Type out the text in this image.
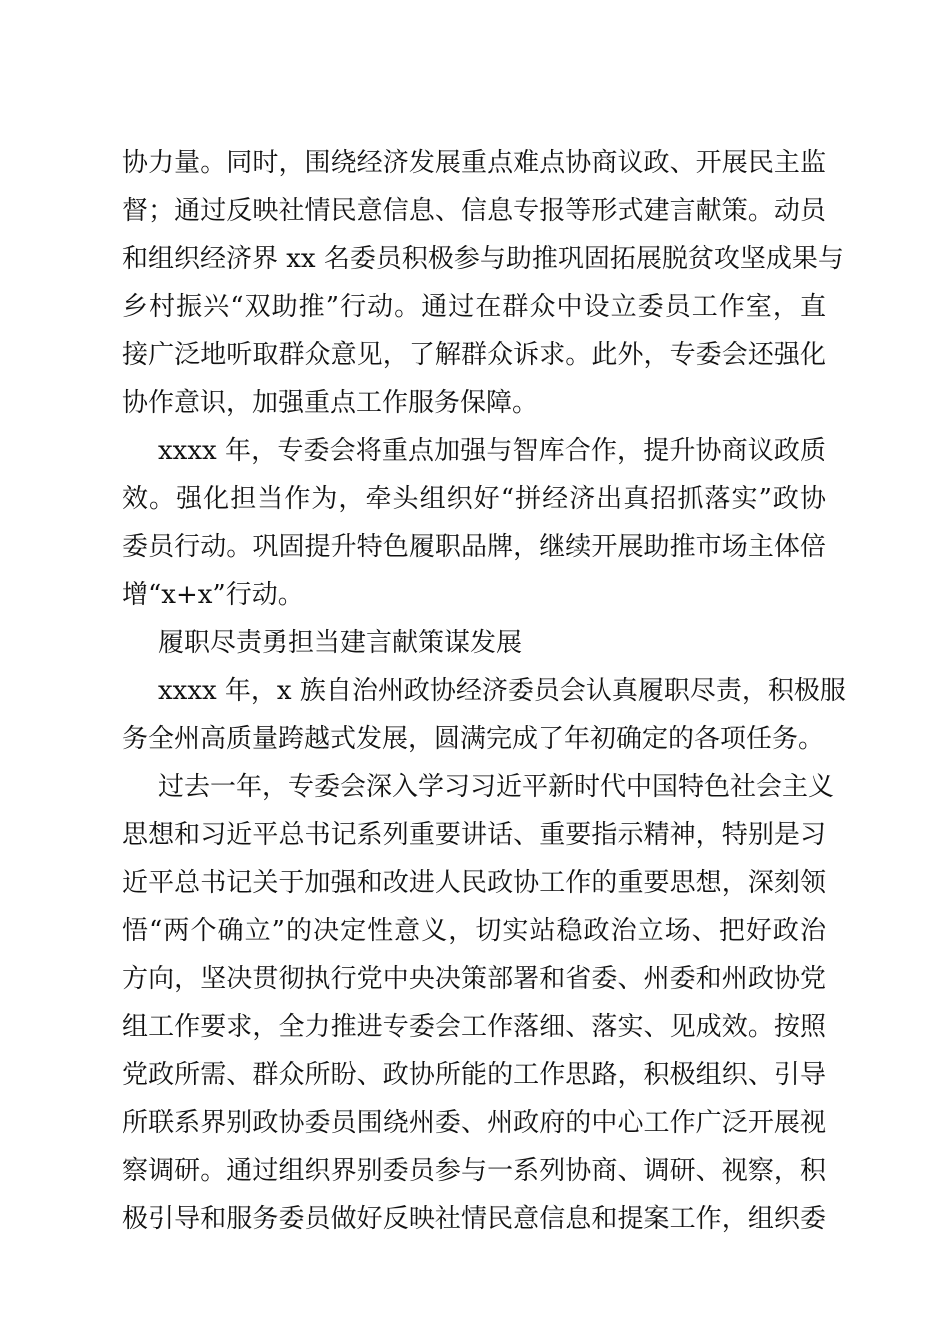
协力量。同时，围绕经济发展重点难点协商议政、开展民主监
督；通过反映社情民意信息、信息专报等形式建言献策。动员
和组织经济界 xx 名委员积极参与助推巩固拓展脱贫攻坚成果与
乡村振兴“双助推”行动。通过在群众中设立委员工作室，直
接广泛地听取群众意见，了解群众诉求。此外，专委会还强化
协作意识，加强重点工作服务保障。
xxxx 年，专委会将重点加强与智库合作，提升协商议政质
效。强化担当作为，牵头组织好“拼经济出真招抓落实”政协
委员行动。巩固提升特色履职品牌，继续开展助推市场主体倍
增“x+x”行动。
履职尽责勇担当建言献策谋发展
xxxx 年，x 族自治州政协经济委员会认真履职尽责，积极服
务全州高质量跨越式发展，圆满完成了年初确定的各项任务。
过去一年，专委会深入学习习近平新时代中国特色社会主义
思想和习近平总书记系列重要讲话、重要指示精神，特别是习
近平总书记关于加强和改进人民政协工作的重要思想，深刻领
悟“两个确立”的决定性意义，切实站稳政治立场、把好政治
方向，坚决贯彻执行党中央决策部署和省委、州委和州政协党
组工作要求，全力推进专委会工作落细、落实、见成效。按照
党政所需、群众所盼、政协所能的工作思路，积极组织、引导
所联系界别政协委员围绕州委、州政府的中心工作广泛开展视
察调研。通过组织界别委员参与一系列协商、调研、视察，积
极引导和服务委员做好反映社情民意信息和提案工作，组织委
